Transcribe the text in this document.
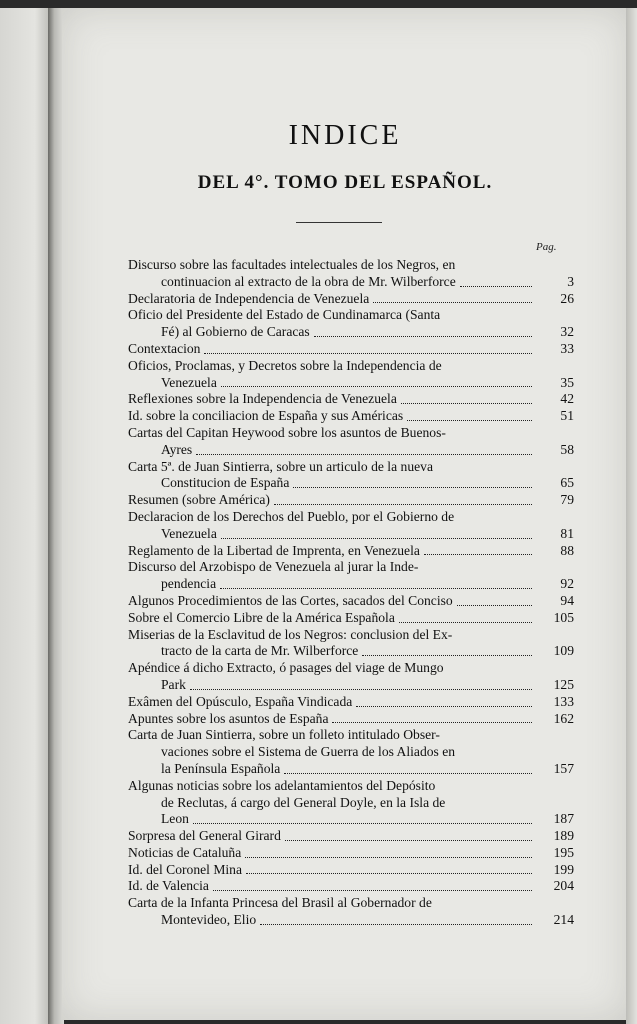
INDICE
DEL 4°. TOMO DEL ESPAÑOL.
Pag.
Discurso sobre las facultades intelectuales de los Negros, en
continuacion al extracto de la obra de Mr. Wilberforce	3
Declaratoria de Independencia de Venezuela	26
Oficio del Presidente del Estado de Cundinamarca (Santa
Fé) al Gobierno de Caracas	32
Contextacion	33
Oficios, Proclamas, y Decretos sobre la Independencia de
Venezuela	35
Reflexiones sobre la Independencia de Venezuela	42
Id. sobre la conciliacion de España y sus Américas	51
Cartas del Capitan Heywood sobre los asuntos de Buenos-
Ayres	58
Carta 5ª. de Juan Sintierra, sobre un articulo de la nueva
Constitucion de España	65
Resumen (sobre América)	79
Declaracion de los Derechos del Pueblo, por el Gobierno de
Venezuela	81
Reglamento de la Libertad de Imprenta, en Venezuela	88
Discurso del Arzobispo de Venezuela al jurar la Inde-
pendencia	92
Algunos Procedimientos de las Cortes, sacados del Conciso	94
Sobre el Comercio Libre de la América Española	105
Miserias de la Esclavitud de los Negros: conclusion del Ex-
tracto de la carta de Mr. Wilberforce	109
Apéndice á dicho Extracto, ó pasages del viage de Mungo
Park	125
Exâmen del Opúsculo, España Vindicada	133
Apuntes sobre los asuntos de España	162
Carta de Juan Sintierra, sobre un folleto intitulado Obser-
vaciones sobre el Sistema de Guerra de los Aliados en
la Península Española	157
Algunas noticias sobre los adelantamientos del Depósito
de Reclutas, á cargo del General Doyle, en la Isla de
Leon	187
Sorpresa del General Girard	189
Noticias de Cataluña	195
Id. del Coronel Mina	199
Id. de Valencia	204
Carta de la Infanta Princesa del Brasil al Gobernador de
Montevideo, Elio	214
